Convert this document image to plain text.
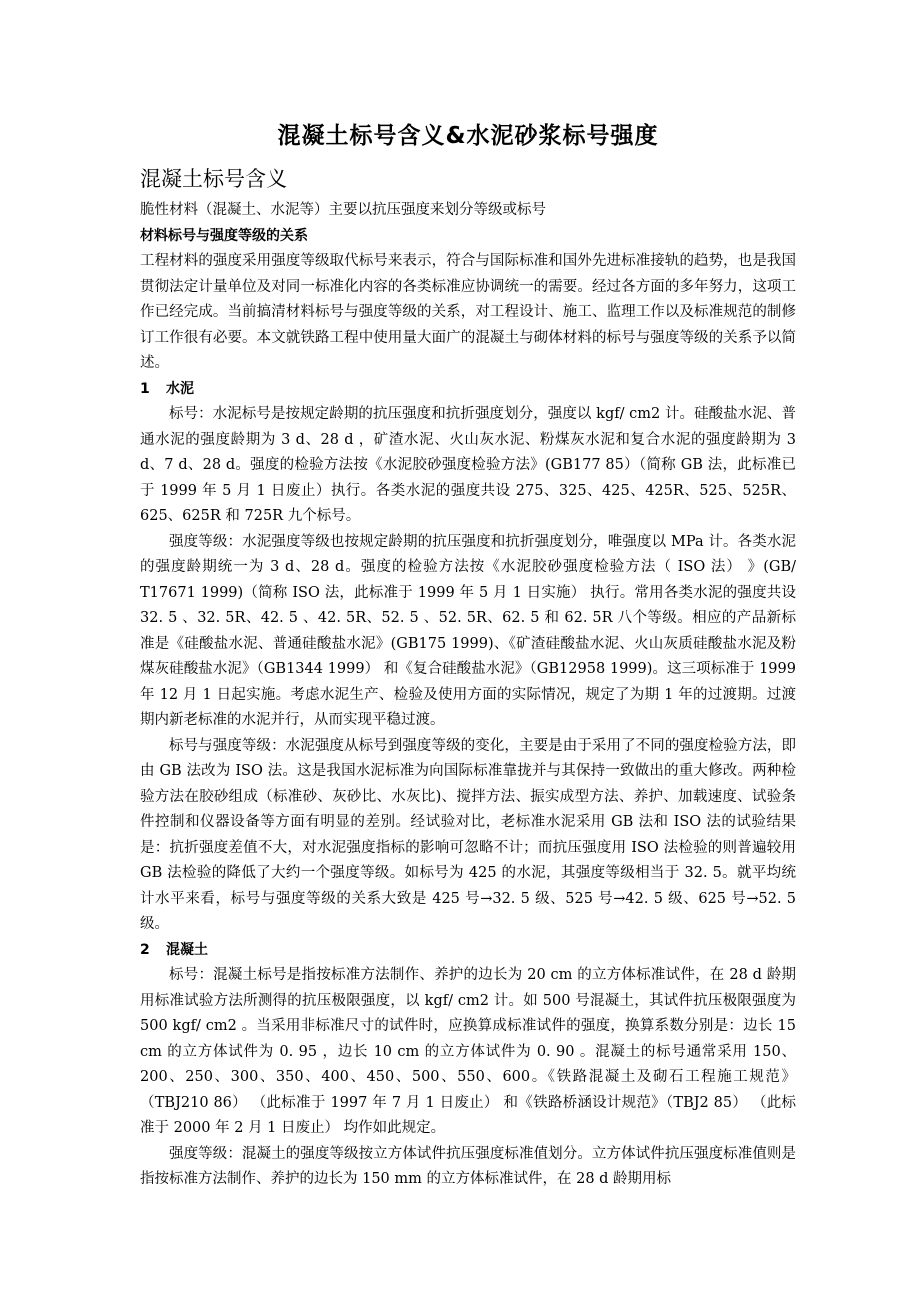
混凝土标号含义&水泥砂浆标号强度
混凝土标号含义

脆性材料（混凝土、水泥等）主要以抗压强度来划分等级或标号

材料标号与强度等级的关系

工程材料的强度采用强度等级取代标号来表示，符合与国际标准和国外先进标准接轨的趋势，也是我国贯彻法定计量单位及对同一标准化内容的各类标准应协调统一的需要。经过各方面的多年努力，这项工作已经完成。当前搞清材料标号与强度等级的关系，对工程设计、施工、监理工作以及标准规范的制修订工作很有必要。本文就铁路工程中使用量大面广的混凝土与砌体材料的标号与强度等级的关系予以简述。

1 水泥

标号：水泥标号是按规定龄期的抗压强度和抗折强度划分，强度以 kgf/ cm2 计。硅酸盐水泥、普通水泥的强度龄期为 3 d、28 d ，矿渣水泥、火山灰水泥、粉煤灰水泥和复合水泥的强度龄期为 3 d、7 d、28 d。强度的检验方法按《水泥胶砂强度检验方法》(GB177 85）（简称 GB 法，此标准已于 1999 年 5 月 1 日废止）执行。各类水泥的强度共设 275、325、425、425R、525、525R、625、625R 和 725R 九个标号。

强度等级：水泥强度等级也按规定龄期的抗压强度和抗折强度划分，唯强度以 MPa 计。各类水泥的强度龄期统一为 3 d、28 d。强度的检验方法按《水泥胶砂强度检验方法（ ISO 法） 》(GB/ T17671 1999)（简称 ISO 法，此标准于 1999 年 5 月 1 日实施） 执行。常用各类水泥的强度共设 32. 5 、32. 5R、42. 5 、42. 5R、52. 5 、52. 5R、62. 5 和 62. 5R 八个等级。相应的产品新标准是《硅酸盐水泥、普通硅酸盐水泥》(GB175 1999)、《矿渣硅酸盐水泥、火山灰质硅酸盐水泥及粉煤灰硅酸盐水泥》（GB1344 1999） 和《复合硅酸盐水泥》（GB12958 1999)。这三项标准于 1999 年 12 月 1 日起实施。考虑水泥生产、检验及使用方面的实际情况，规定了为期 1 年的过渡期。过渡期内新老标准的水泥并行，从而实现平稳过渡。

标号与强度等级：水泥强度从标号到强度等级的变化，主要是由于采用了不同的强度检验方法，即由 GB 法改为 ISO 法。这是我国水泥标准为向国际标准靠拢并与其保持一致做出的重大修改。两种检验方法在胶砂组成（标准砂、灰砂比、水灰比)、搅拌方法、振实成型方法、养护、加载速度、试验条件控制和仪器设备等方面有明显的差别。经试验对比，老标准水泥采用 GB 法和 ISO 法的试验结果是：抗折强度差值不大，对水泥强度指标的影响可忽略不计；而抗压强度用 ISO 法检验的则普遍较用 GB 法检验的降低了大约一个强度等级。如标号为 425 的水泥，其强度等级相当于 32. 5。就平均统计水平来看，标号与强度等级的关系大致是 425 号→32. 5 级、525 号→42. 5 级、625 号→52. 5 级。

2 混凝土

标号：混凝土标号是指按标准方法制作、养护的边长为 20 cm 的立方体标准试件，在 28 d 龄期用标准试验方法所测得的抗压极限强度，以 kgf/ cm2 计。如 500 号混凝土，其试件抗压极限强度为 500 kgf/ cm2 。当采用非标准尺寸的试件时，应换算成标准试件的强度，换算系数分别是：边长 15 cm 的立方体试件为 0. 95 ，边长 10 cm 的立方体试件为 0. 90 。混凝土的标号通常采用 150、200、250、300、350、400、450、500、550、600。《铁路混凝土及砌石工程施工规范》（TBJ210 86） （此标准于 1997 年 7 月 1 日废止） 和《铁路桥涵设计规范》（TBJ2 85） （此标准于 2000 年 2 月 1 日废止） 均作如此规定。

强度等级：混凝土的强度等级按立方体试件抗压强度标准值划分。立方体试件抗压强度标准值则是指按标准方法制作、养护的边长为 150 mm 的立方体标准试件，在 28 d 龄期用标
